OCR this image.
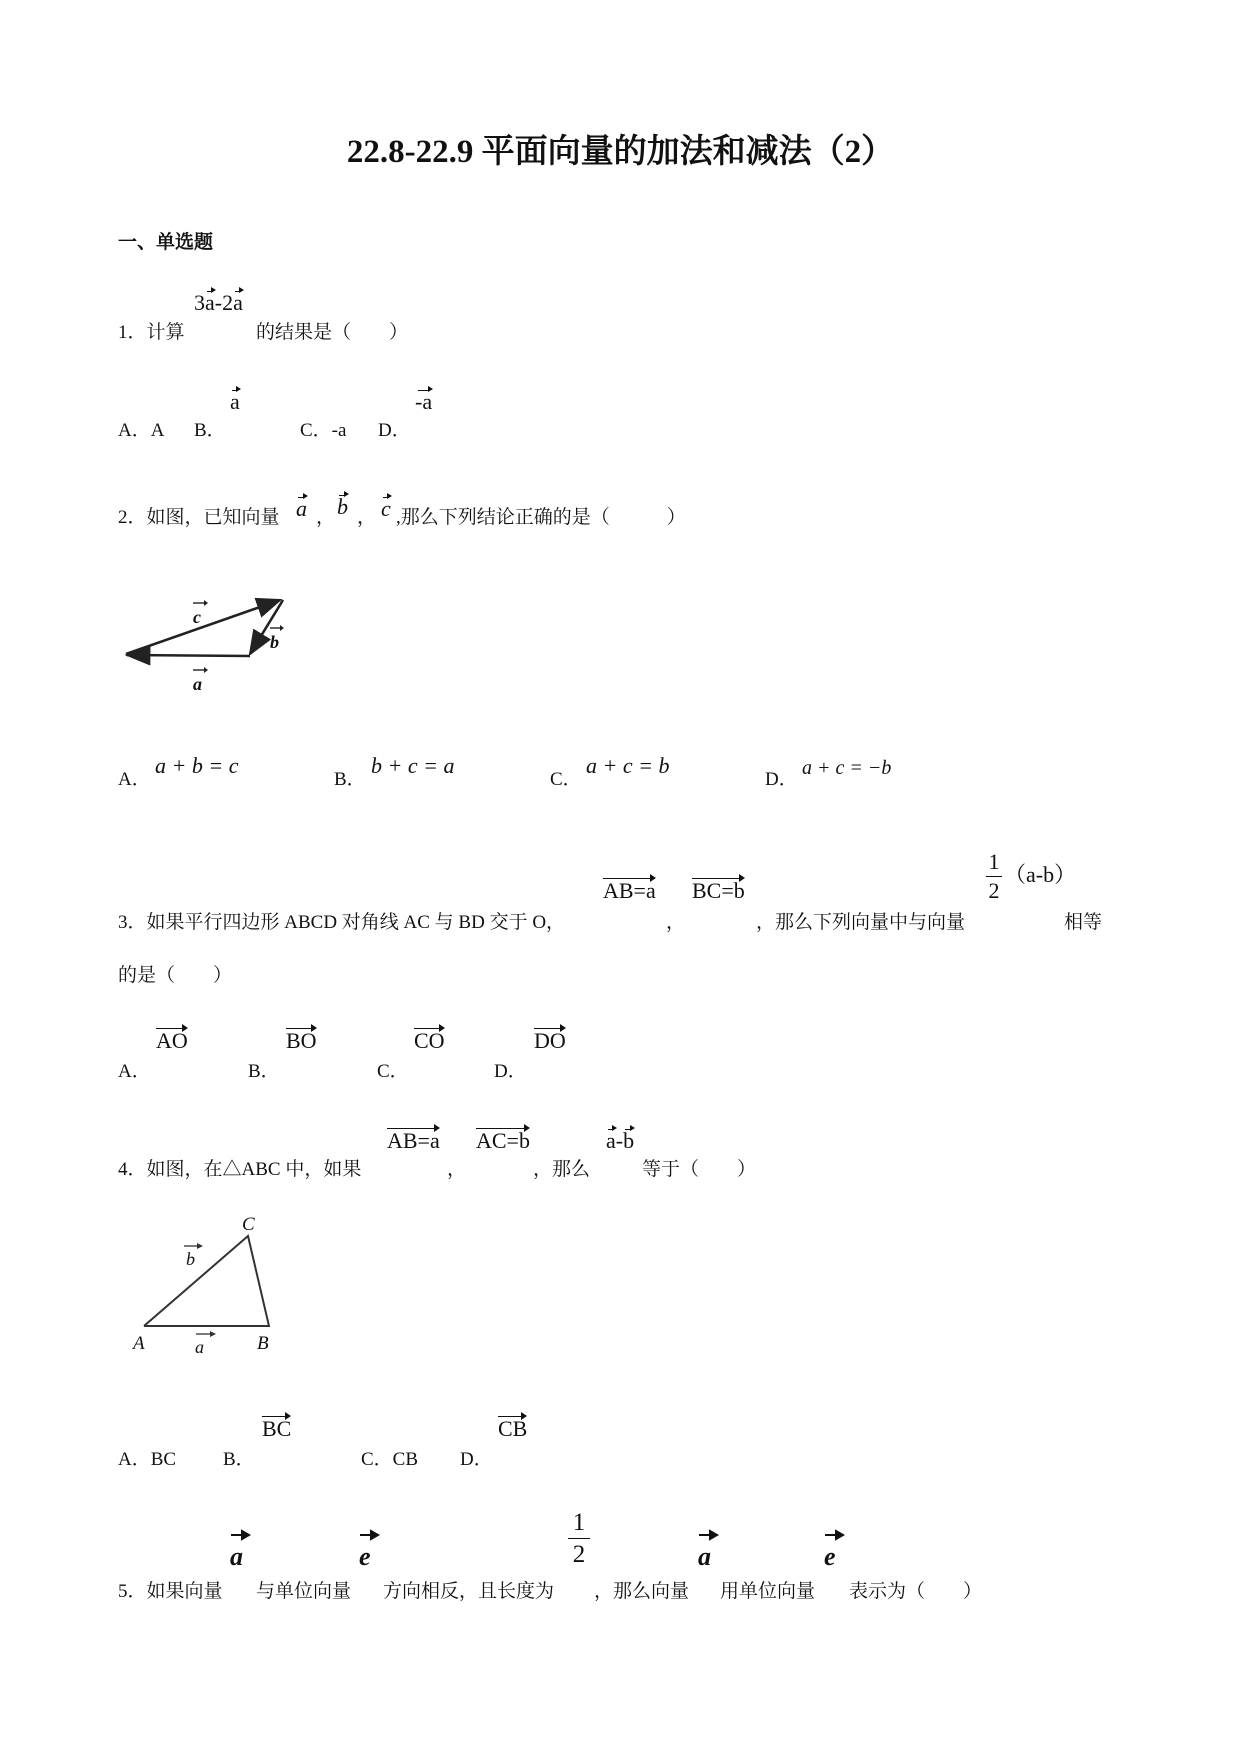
22.8-22.9 平面向量的加法和减法（2）
一、单选题
3a-2a
1．计算	的结果是（　　）
a	-a
A．A B．	C．-a D．
2．如图，已知向量 a ， b ， c ,那么下列结论正确的是（　　　）
c
b
a
A．
a + b = c
B．
b + c = a
C．
a + c = b
D．
a + c = −b
AB=a BC=b
1
2
（a-b）
3．如果平行四边形 ABCD 对角线 AC 与 BD 交于 O，	，	，那么下列向量中与向量	相等
的是（　　）
AO	BO	CO	DO
A．	B．	C．	D．
AB=a AC=b	a-b
4．如图，在△ABC 中，如果	，	，那么	等于（　　）
C
A	B
a
b
BC	CB
A．BC B．	C．CB D．
a	e
1
2	a	e
5．如果向量 与单位向量 方向相反，且长度为 ，那么向量 用单位向量 表示为（　　）
